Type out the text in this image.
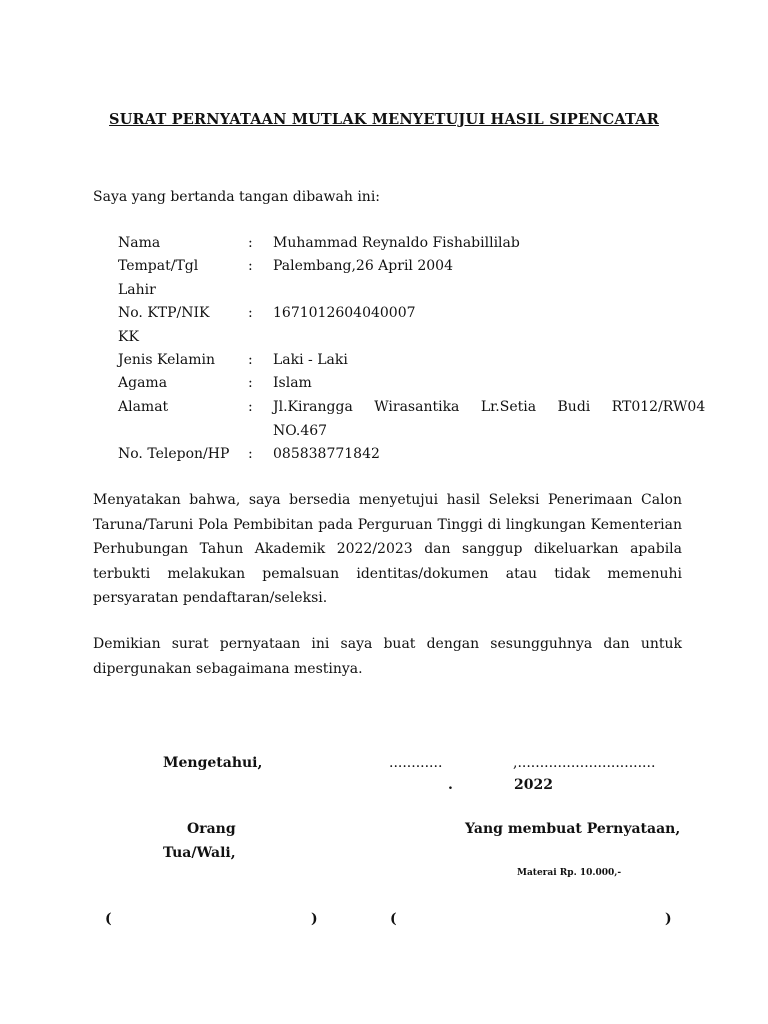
SURAT PERNYATAAN MUTLAK MENYETUJUI HASIL SIPENCATAR
Saya yang bertanda tangan dibawah ini:
Nama	: Muhammad Reynaldo Fishabillilab
Tempat/Tgl	: Palembang,26 April 2004
Lahir
No. KTP/NIK	: 1671012604040007
KK
Jenis Kelamin	: Laki - Laki
Agama	: Islam
Alamat	: Jl.Kirangga Wirasantika Lr.Setia Budi RT012/RW04
NO.467
No. Telepon/HP	: 085838771842
Menyatakan bahwa, saya bersedia menyetujui hasil Seleksi Penerimaan Calon Taruna/Taruni Pola Pembibitan pada Perguruan Tinggi di lingkungan Kementerian Perhubungan Tahun Akademik 2022/2023 dan sanggup dikeluarkan apabila terbukti melakukan pemalsuan identitas/dokumen atau tidak memenuhi persyaratan pendaftaran/seleksi.
Demikian surat pernyataan ini saya buat dengan sesungguhnya dan untuk dipergunakan sebagaimana mestinya.
Mengetahui,	............	,...............................
.	2022
Orang
Tua/Wali,
Yang membuat Pernyataan,
Materai Rp. 10.000,-
(	)	(	)
